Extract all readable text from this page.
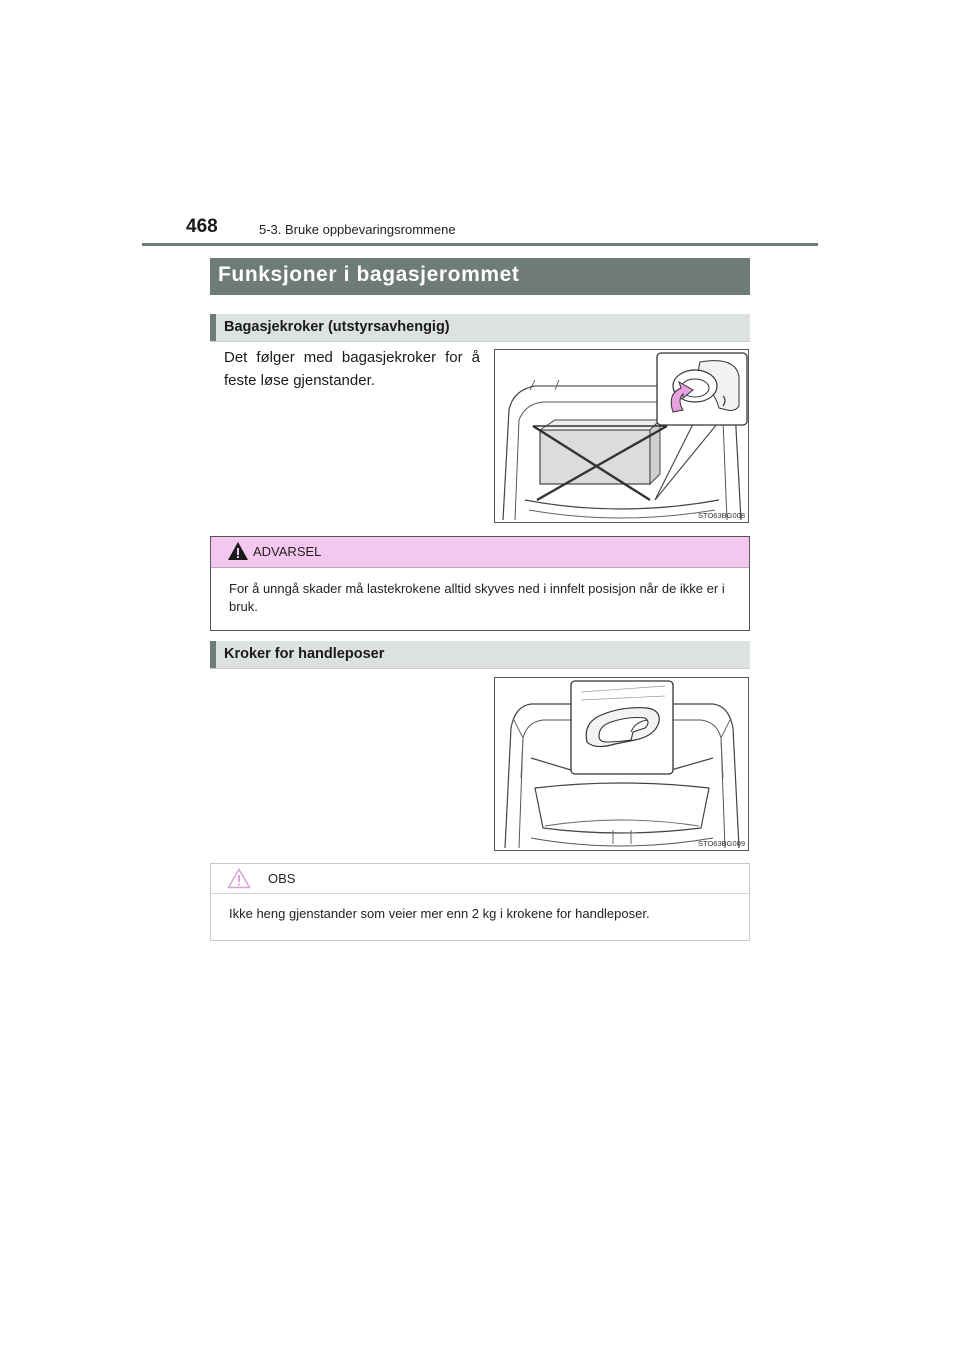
468	5-3. Bruke oppbevaringsrommene
Funksjoner i bagasjerommet
Bagasjekroker (utstyrsavhengig)
Det følger med bagasjekroker for å feste løse gjenstander.
STO63BG008
ADVARSEL
For å unngå skader må lastekrokene alltid skyves ned i innfelt posisjon når de ikke er i bruk.
Kroker for handleposer
STO63BG009
OBS
Ikke heng gjenstander som veier mer enn 2 kg i krokene for handleposer.
